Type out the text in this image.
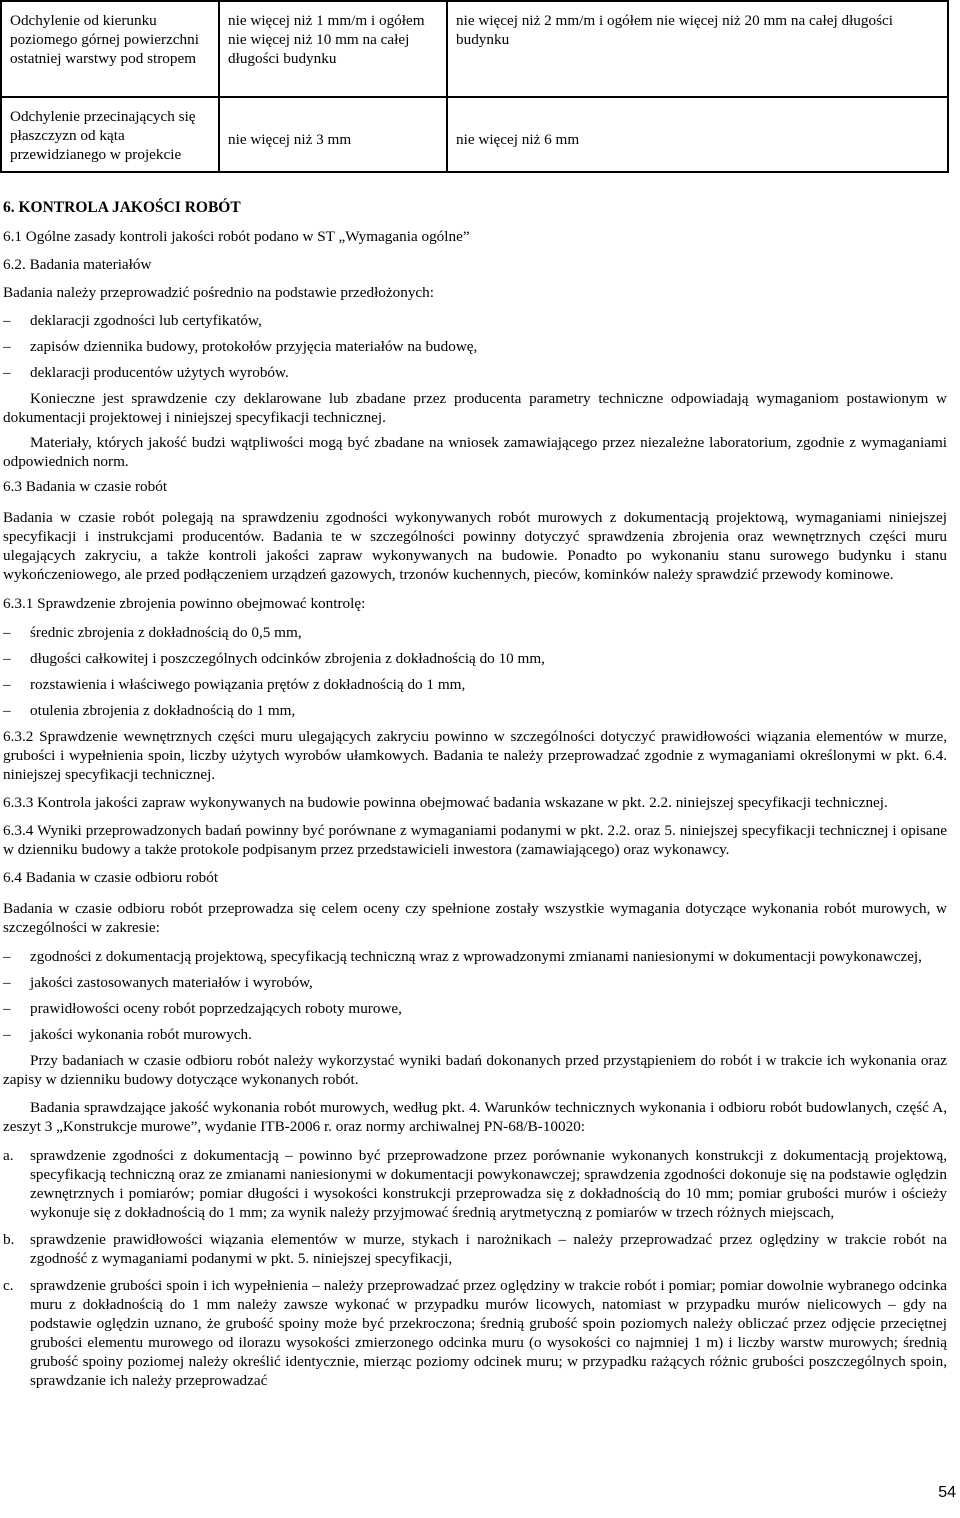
Odchylenie od kierunku poziomego górnej powierzchni ostatniej warstwy pod stropem	nie więcej niż 1 mm/m i ogółem nie więcej niż 10 mm na całej długości budynku	nie więcej niż 2 mm/m i ogółem nie więcej niż 20 mm na całej długości budynku
Odchylenie przecinających się płaszczyzn od kąta przewidzianego w projekcie	nie więcej niż 3 mm	nie więcej niż 6 mm

6. KONTROLA JAKOŚCI ROBÓT

6.1 Ogólne zasady kontroli jakości robót podano w ST „Wymagania ogólne”

6.2. Badania materiałów

Badania należy przeprowadzić pośrednio na podstawie przedłożonych:

–	deklaracji zgodności lub certyfikatów,
–	zapisów dziennika budowy, protokołów przyjęcia materiałów na budowę,
–	deklaracji producentów użytych wyrobów.

Konieczne jest sprawdzenie czy deklarowane lub zbadane przez producenta parametry techniczne odpowiadają wymaganiom postawionym w dokumentacji projektowej i niniejszej specyfikacji technicznej.

Materiały, których jakość budzi wątpliwości mogą być zbadane na wniosek zamawiającego przez niezależne laboratorium, zgodnie z wymaganiami odpowiednich norm.

6.3 Badania w czasie robót

Badania w czasie robót polegają na sprawdzeniu zgodności wykonywanych robót murowych z dokumentacją projektową, wymaganiami niniejszej specyfikacji i instrukcjami producentów. Badania te w szczególności powinny dotyczyć sprawdzenia zbrojenia oraz wewnętrznych części muru ulegających zakryciu, a także kontroli jakości zapraw wykonywanych na budowie. Ponadto po wykonaniu stanu surowego budynku i stanu wykończeniowego, ale przed podłączeniem urządzeń gazowych, trzonów kuchennych, pieców, kominków należy sprawdzić przewody kominowe.

6.3.1 Sprawdzenie zbrojenia powinno obejmować kontrolę:

–	średnic zbrojenia z dokładnością do 0,5 mm,
–	długości całkowitej i poszczególnych odcinków zbrojenia z dokładnością do 10 mm,
–	rozstawienia i właściwego powiązania prętów z dokładnością do 1 mm,
–	otulenia zbrojenia z dokładnością do 1 mm,

6.3.2 Sprawdzenie wewnętrznych części muru ulegających zakryciu powinno w szczególności dotyczyć prawidłowości wiązania elementów w murze, grubości i wypełnienia spoin, liczby użytych wyrobów ułamkowych. Badania te należy przeprowadzać zgodnie z wymaganiami określonymi w pkt. 6.4. niniejszej specyfikacji technicznej.

6.3.3 Kontrola jakości zapraw wykonywanych na budowie powinna obejmować badania wskazane w pkt. 2.2. niniejszej specyfikacji technicznej.

6.3.4 Wyniki przeprowadzonych badań powinny być porównane z wymaganiami podanymi w pkt. 2.2. oraz 5. niniejszej specyfikacji technicznej i opisane w dzienniku budowy a także protokole podpisanym przez przedstawicieli inwestora (zamawiającego) oraz wykonawcy.

6.4 Badania w czasie odbioru robót

Badania w czasie odbioru robót przeprowadza się celem oceny czy spełnione zostały wszystkie wymagania dotyczące wykonania robót murowych, w szczególności w zakresie:

–	zgodności z dokumentacją projektową, specyfikacją techniczną wraz z wprowadzonymi zmianami naniesionymi w dokumentacji powykonawczej,
–	jakości zastosowanych materiałów i wyrobów,
–	prawidłowości oceny robót poprzedzających roboty murowe,
–	jakości wykonania robót murowych.

Przy badaniach w czasie odbioru robót należy wykorzystać wyniki badań dokonanych przed przystąpieniem do robót i w trakcie ich wykonania oraz zapisy w dzienniku budowy dotyczące wykonanych robót.

Badania sprawdzające jakość wykonania robót murowych, według pkt. 4. Warunków technicznych wykonania i odbioru robót budowlanych, część A, zeszyt 3 „Konstrukcje murowe”, wydanie ITB-2006 r. oraz normy archiwalnej PN-68/B-10020:

a. sprawdzenie zgodności z dokumentacją – powinno być przeprowadzone przez porównanie wykonanych konstrukcji z dokumentacją projektową, specyfikacją techniczną oraz ze zmianami naniesionymi w dokumentacji powykonawczej; sprawdzenia zgodności dokonuje się na podstawie oględzin zewnętrznych i pomiarów; pomiar długości i wysokości konstrukcji przeprowadza się z dokładnością do 10 mm; pomiar grubości murów i ościeży wykonuje się z dokładnością do 1 mm; za wynik należy przyjmować średnią arytmetyczną z pomiarów w trzech różnych miejscach,
b. sprawdzenie prawidłowości wiązania elementów w murze, stykach i narożnikach – należy przeprowadzać przez oględziny w trakcie robót na zgodność z wymaganiami podanymi w pkt. 5. niniejszej specyfikacji,
c. sprawdzenie grubości spoin i ich wypełnienia – należy przeprowadzać przez oględziny w trakcie robót i pomiar; pomiar dowolnie wybranego odcinka muru z dokładnością do 1 mm należy zawsze wykonać w przypadku murów licowych, natomiast w przypadku murów nielicowych – gdy na podstawie oględzin uznano, że grubość spoiny może być przekroczona; średnią grubość spoin poziomych należy obliczać przez odjęcie przeciętnej grubości elementu murowego od ilorazu wysokości zmierzonego odcinka muru (o wysokości co najmniej 1 m) i liczby warstw murowych; średnią grubość spoiny poziomej należy określić identycznie, mierząc poziomy odcinek muru; w przypadku rażących różnic grubości poszczególnych spoin, sprawdzanie ich należy przeprowadzać
54
